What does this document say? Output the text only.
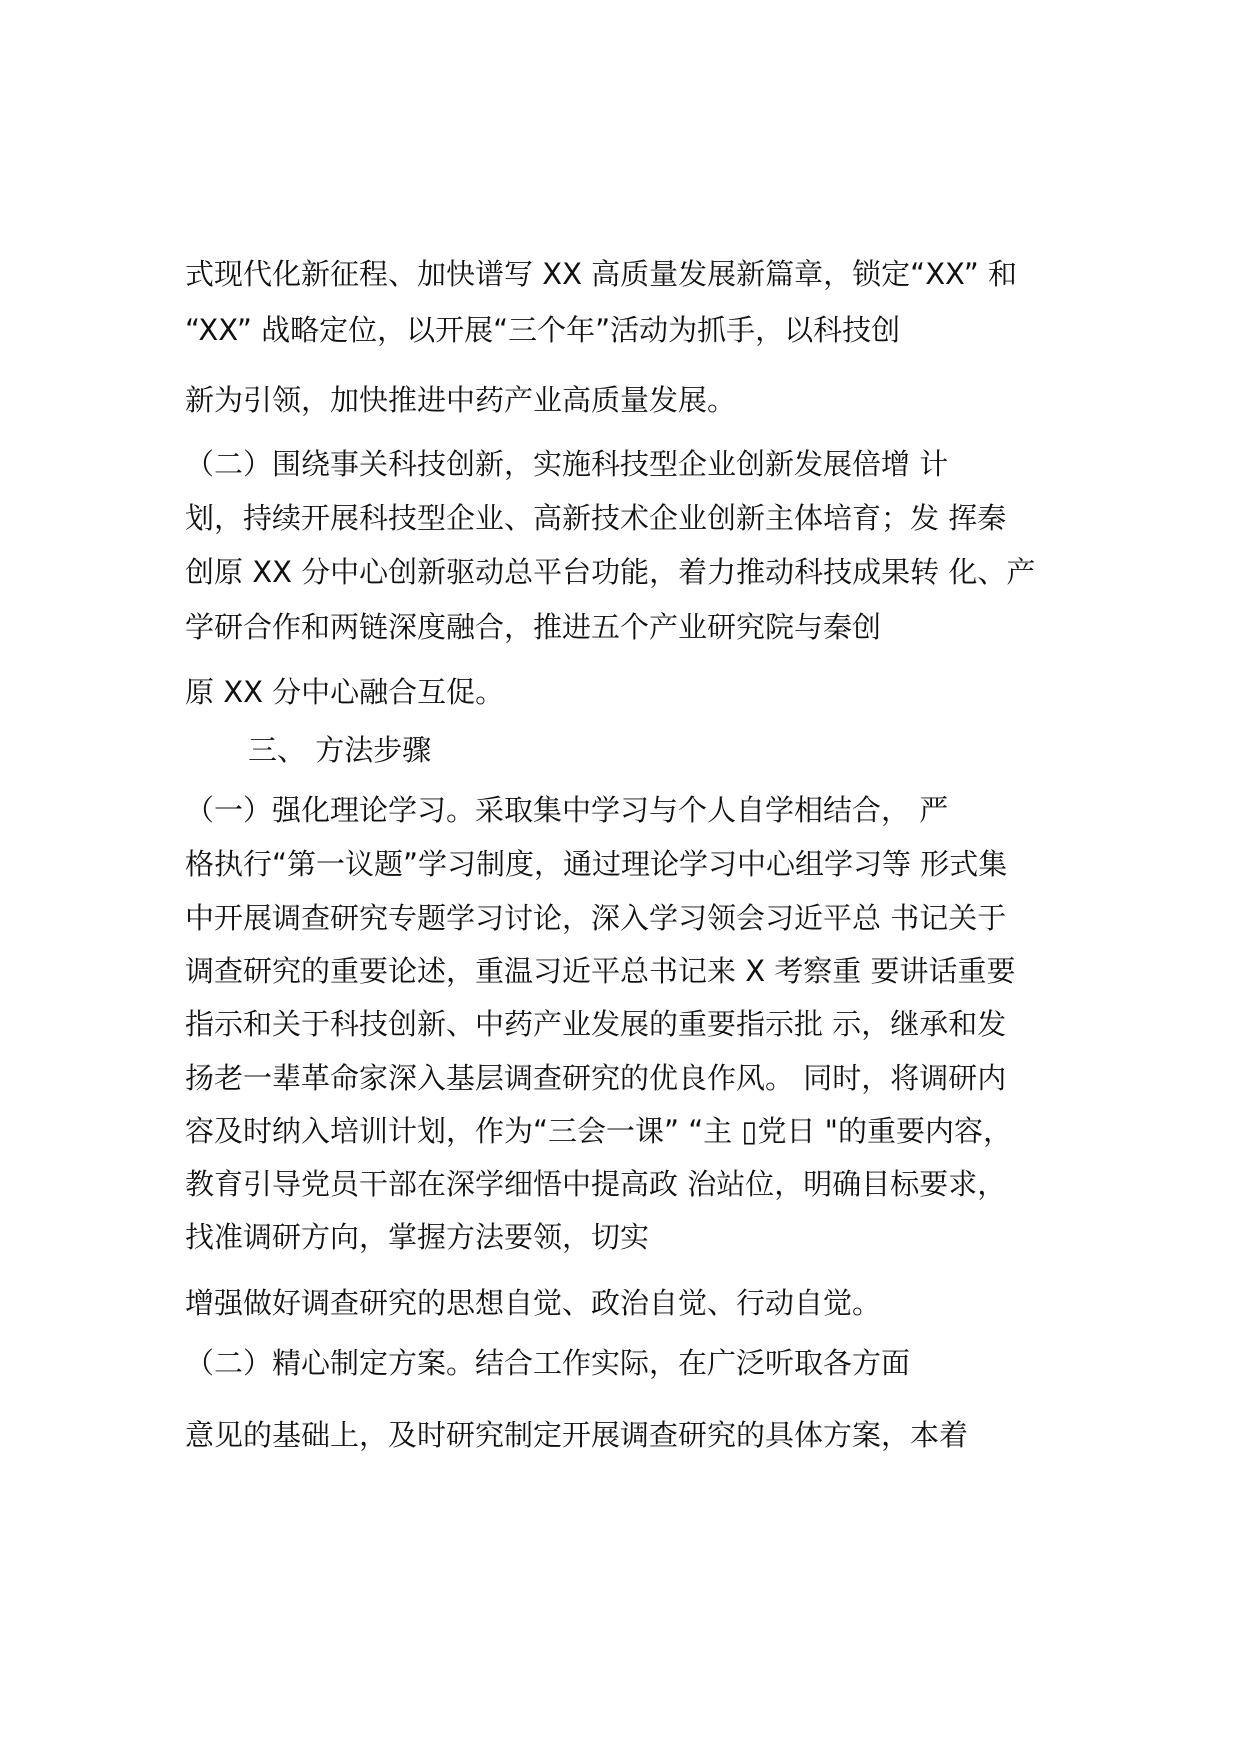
式现代化新征程、加快谱写 XX 高质量发展新篇章，锁定“XX” 和
“XX” 战略定位，以开展“三个年”活动为抓手，以科技创
新为引领，加快推进中药产业高质量发展。
（二）围绕事关科技创新，实施科技型企业创新发展倍增 计
划，持续开展科技型企业、高新技术企业创新主体培育；发 挥秦
创原 XX 分中心创新驱动总平台功能，着力推动科技成果转 化、产
学研合作和两链深度融合，推进五个产业研究院与秦创
原 XX 分中心融合互促。
三、 方法步骤
（一）强化理论学习。采取集中学习与个人自学相结合， 严
格执行“第一议题”学习制度，通过理论学习中心组学习等 形式集
中开展调查研究专题学习讨论，深入学习领会习近平总 书记关于
调查研究的重要论述，重温习近平总书记来 X 考察重 要讲话重要
指示和关于科技创新、中药产业发展的重要指示批 示，继承和发
扬老一辈革命家深入基层调查研究的优良作风。 同时，将调研内
容及时纳入培训计划，作为“三会一课” “主 ▯党日 "的重要内容，
教育引导党员干部在深学细悟中提高政 治站位，明确目标要求，
找准调研方向，掌握方法要领，切实
增强做好调查研究的思想自觉、政治自觉、行动自觉。
（二）精心制定方案。结合工作实际，在广泛听取各方面
意见的基础上，及时研究制定开展调查研究的具体方案，本着
